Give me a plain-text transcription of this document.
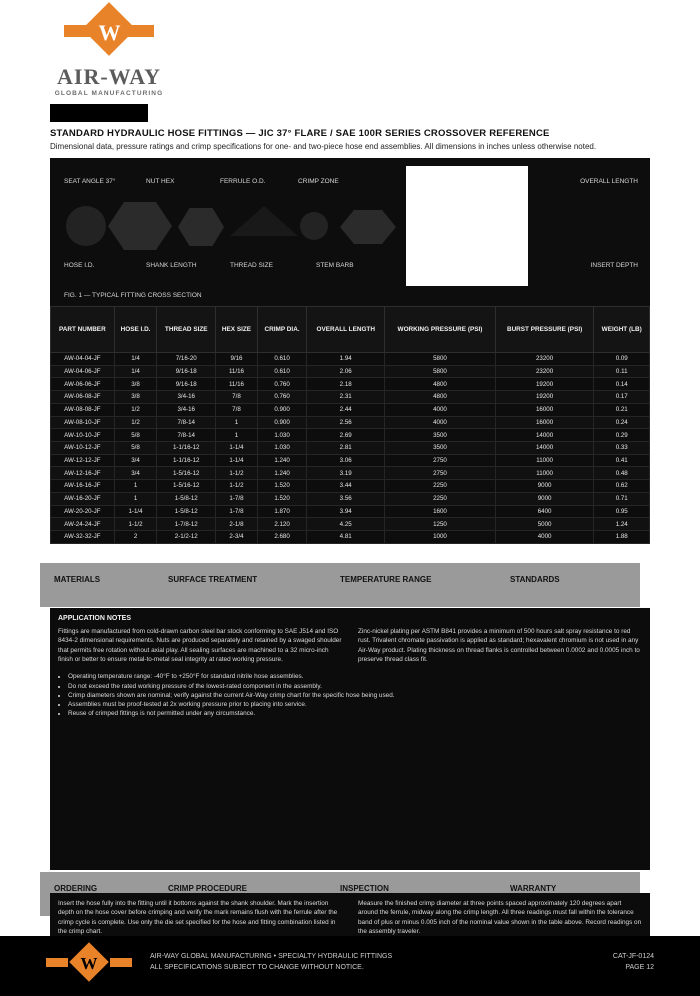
W
AIR-WAY
GLOBAL MANUFACTURING
STANDARD HYDRAULIC HOSE FITTINGS — JIC 37° FLARE / SAE 100R SERIES CROSSOVER REFERENCE
Dimensional data, pressure ratings and crimp specifications for one- and two-piece hose end assemblies. All dimensions in inches unless otherwise noted.
SEAT ANGLE 37°	NUT HEX	FERRULE O.D.	CRIMP ZONE
HOSE I.D.	SHANK LENGTH	THREAD SIZE	STEM BARB
OVERALL LENGTH
INSERT DEPTH
FIG. 1 — TYPICAL FITTING CROSS SECTION
PART NUMBER	HOSE I.D.	THREAD SIZE	HEX SIZE	CRIMP DIA.	OVERALL LENGTH	WORKING PRESSURE (PSI)	BURST PRESSURE (PSI)	WEIGHT (LB)
AW-04-04-JF	1/4	7/16-20	9/16	0.610	1.94	5800	23200	0.09
AW-04-06-JF	1/4	9/16-18	11/16	0.610	2.06	5800	23200	0.11
AW-06-06-JF	3/8	9/16-18	11/16	0.760	2.18	4800	19200	0.14
AW-06-08-JF	3/8	3/4-16	7/8	0.760	2.31	4800	19200	0.17
AW-08-08-JF	1/2	3/4-16	7/8	0.900	2.44	4000	16000	0.21
AW-08-10-JF	1/2	7/8-14	1	0.900	2.56	4000	16000	0.24
AW-10-10-JF	5/8	7/8-14	1	1.030	2.69	3500	14000	0.29
AW-10-12-JF	5/8	1-1/16-12	1-1/4	1.030	2.81	3500	14000	0.33
AW-12-12-JF	3/4	1-1/16-12	1-1/4	1.240	3.06	2750	11000	0.41
AW-12-16-JF	3/4	1-5/16-12	1-1/2	1.240	3.19	2750	11000	0.48
AW-16-16-JF	1	1-5/16-12	1-1/2	1.520	3.44	2250	9000	0.62
AW-16-20-JF	1	1-5/8-12	1-7/8	1.520	3.56	2250	9000	0.71
AW-20-20-JF	1-1/4	1-5/8-12	1-7/8	1.870	3.94	1600	6400	0.95
AW-24-24-JF	1-1/2	1-7/8-12	2-1/8	2.120	4.25	1250	5000	1.24
AW-32-32-JF	2	2-1/2-12	2-3/4	2.680	4.81	1000	4000	1.88
MATERIALS	SURFACE TREATMENT	TEMPERATURE RANGE	STANDARDS
APPLICATION NOTES

Fittings are manufactured from cold-drawn carbon steel bar stock conforming to SAE J514 and ISO 8434-2 dimensional requirements. Nuts are produced separately and retained by a swaged shoulder that permits free rotation without axial play. All sealing surfaces are machined to a 32 micro-inch finish or better to ensure metal-to-metal seal integrity at rated working pressure.

Zinc-nickel plating per ASTM B841 provides a minimum of 500 hours salt spray resistance to red rust. Trivalent chromate passivation is applied as standard; hexavalent chromium is not used in any Air-Way product. Plating thickness on thread flanks is controlled between 0.0002 and 0.0005 inch to preserve thread class fit.

• Operating temperature range: -40°F to +250°F for standard nitrile hose assemblies.
• Do not exceed the rated working pressure of the lowest-rated component in the assembly.
• Crimp diameters shown are nominal; verify against the current Air-Way crimp chart for the specific hose being used.
• Assemblies must be proof-tested at 2x working pressure prior to placing into service.
• Reuse of crimped fittings is not permitted under any circumstance.
ORDERING	CRIMP PROCEDURE	INSPECTION	WARRANTY

Insert the hose fully into the fitting until it bottoms against the shank shoulder. Mark the insertion depth on the hose cover before crimping and verify the mark remains flush with the ferrule after the crimp cycle is complete. Use only the die set specified for the hose and fitting combination listed in the crimp chart.

Measure the finished crimp diameter at three points spaced approximately 120 degrees apart around the ferrule, midway along the crimp length. All three readings must fall within the tolerance band of plus or minus 0.005 inch of the nominal value shown in the table above. Record readings on the assembly traveler.

W	AIR-WAY GLOBAL MANUFACTURING • SPECIALTY HYDRAULIC FITTINGS
ALL SPECIFICATIONS SUBJECT TO CHANGE WITHOUT NOTICE.
CAT-JF-0124
PAGE 12
